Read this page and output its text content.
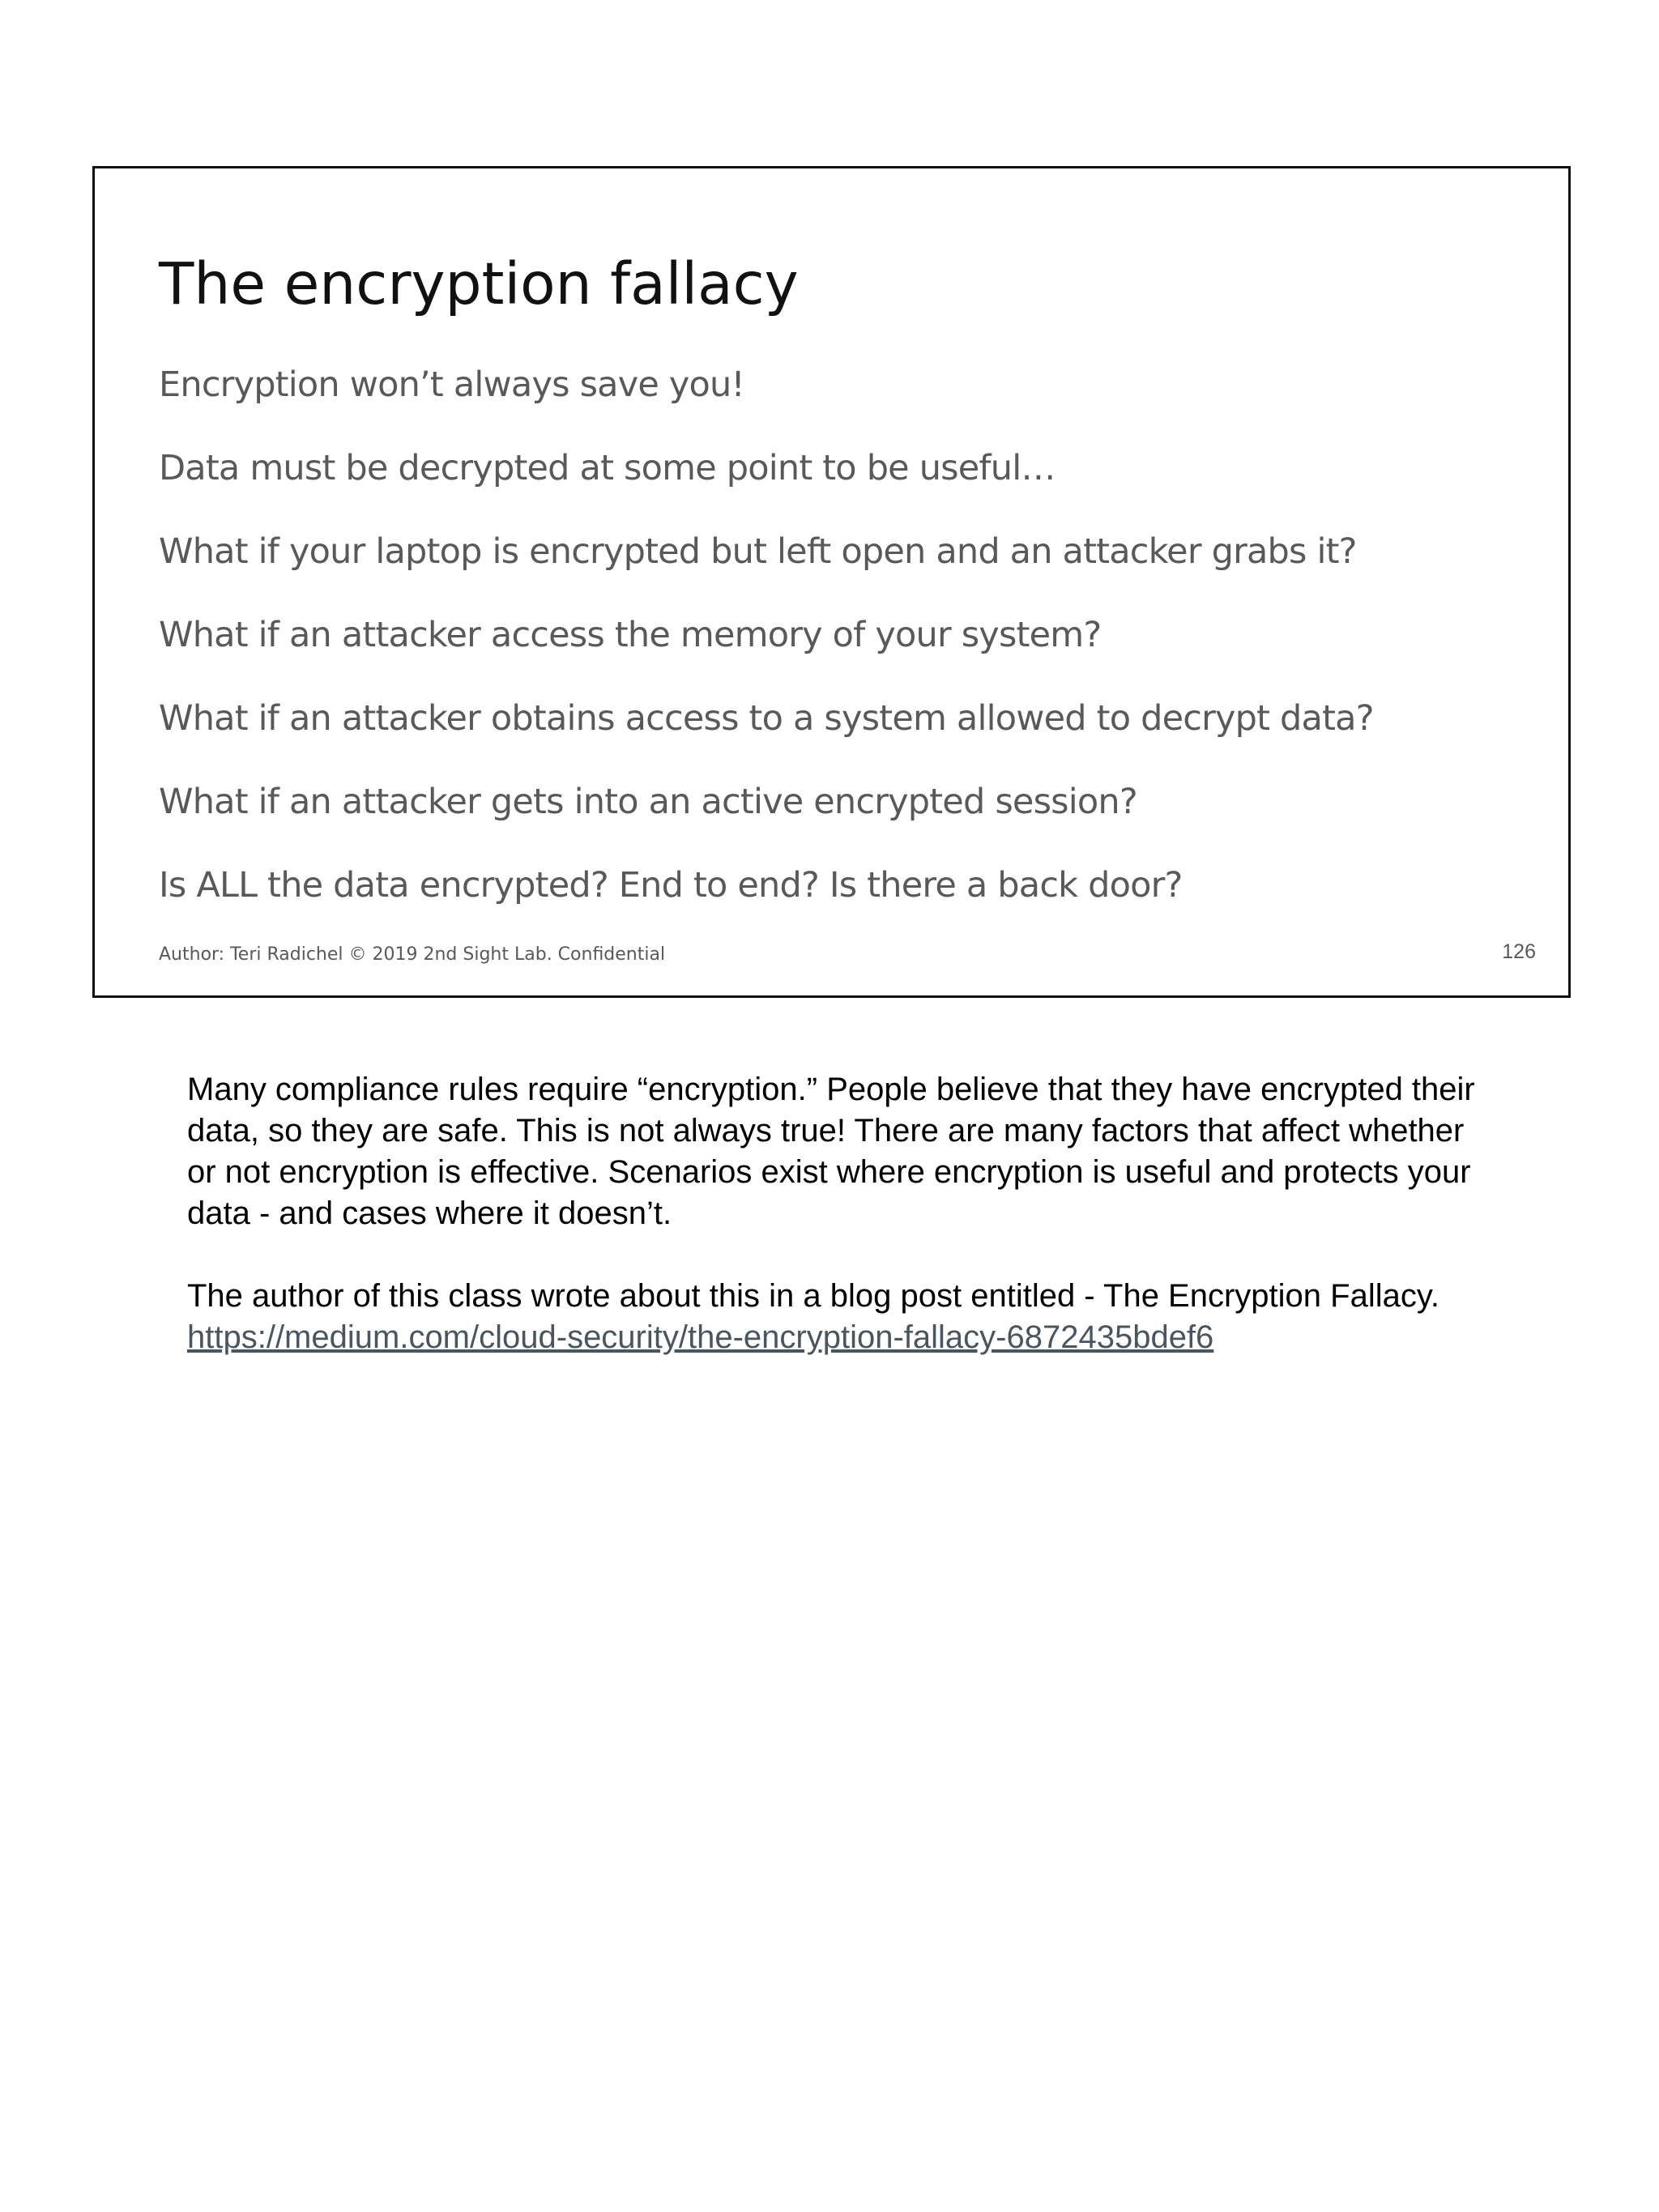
The encryption fallacy
Encryption won’t always save you!
Data must be decrypted at some point to be useful…
What if your laptop is encrypted but left open and an attacker grabs it?
What if an attacker access the memory of your system?
What if an attacker obtains access to a system allowed to decrypt data?
What if an attacker gets into an active encrypted session?
Is ALL the data encrypted? End to end? Is there a back door?
Author: Teri Radichel © 2019 2nd Sight Lab. Confidential	126

Many compliance rules require “encryption.” People believe that they have encrypted their data, so they are safe. This is not always true! There are many factors that affect whether or not encryption is effective. Scenarios exist where encryption is useful and protects your data - and cases where it doesn’t.

The author of this class wrote about this in a blog post entitled - The Encryption Fallacy.

https://medium.com/cloud-security/the-encryption-fallacy-6872435bdef6
